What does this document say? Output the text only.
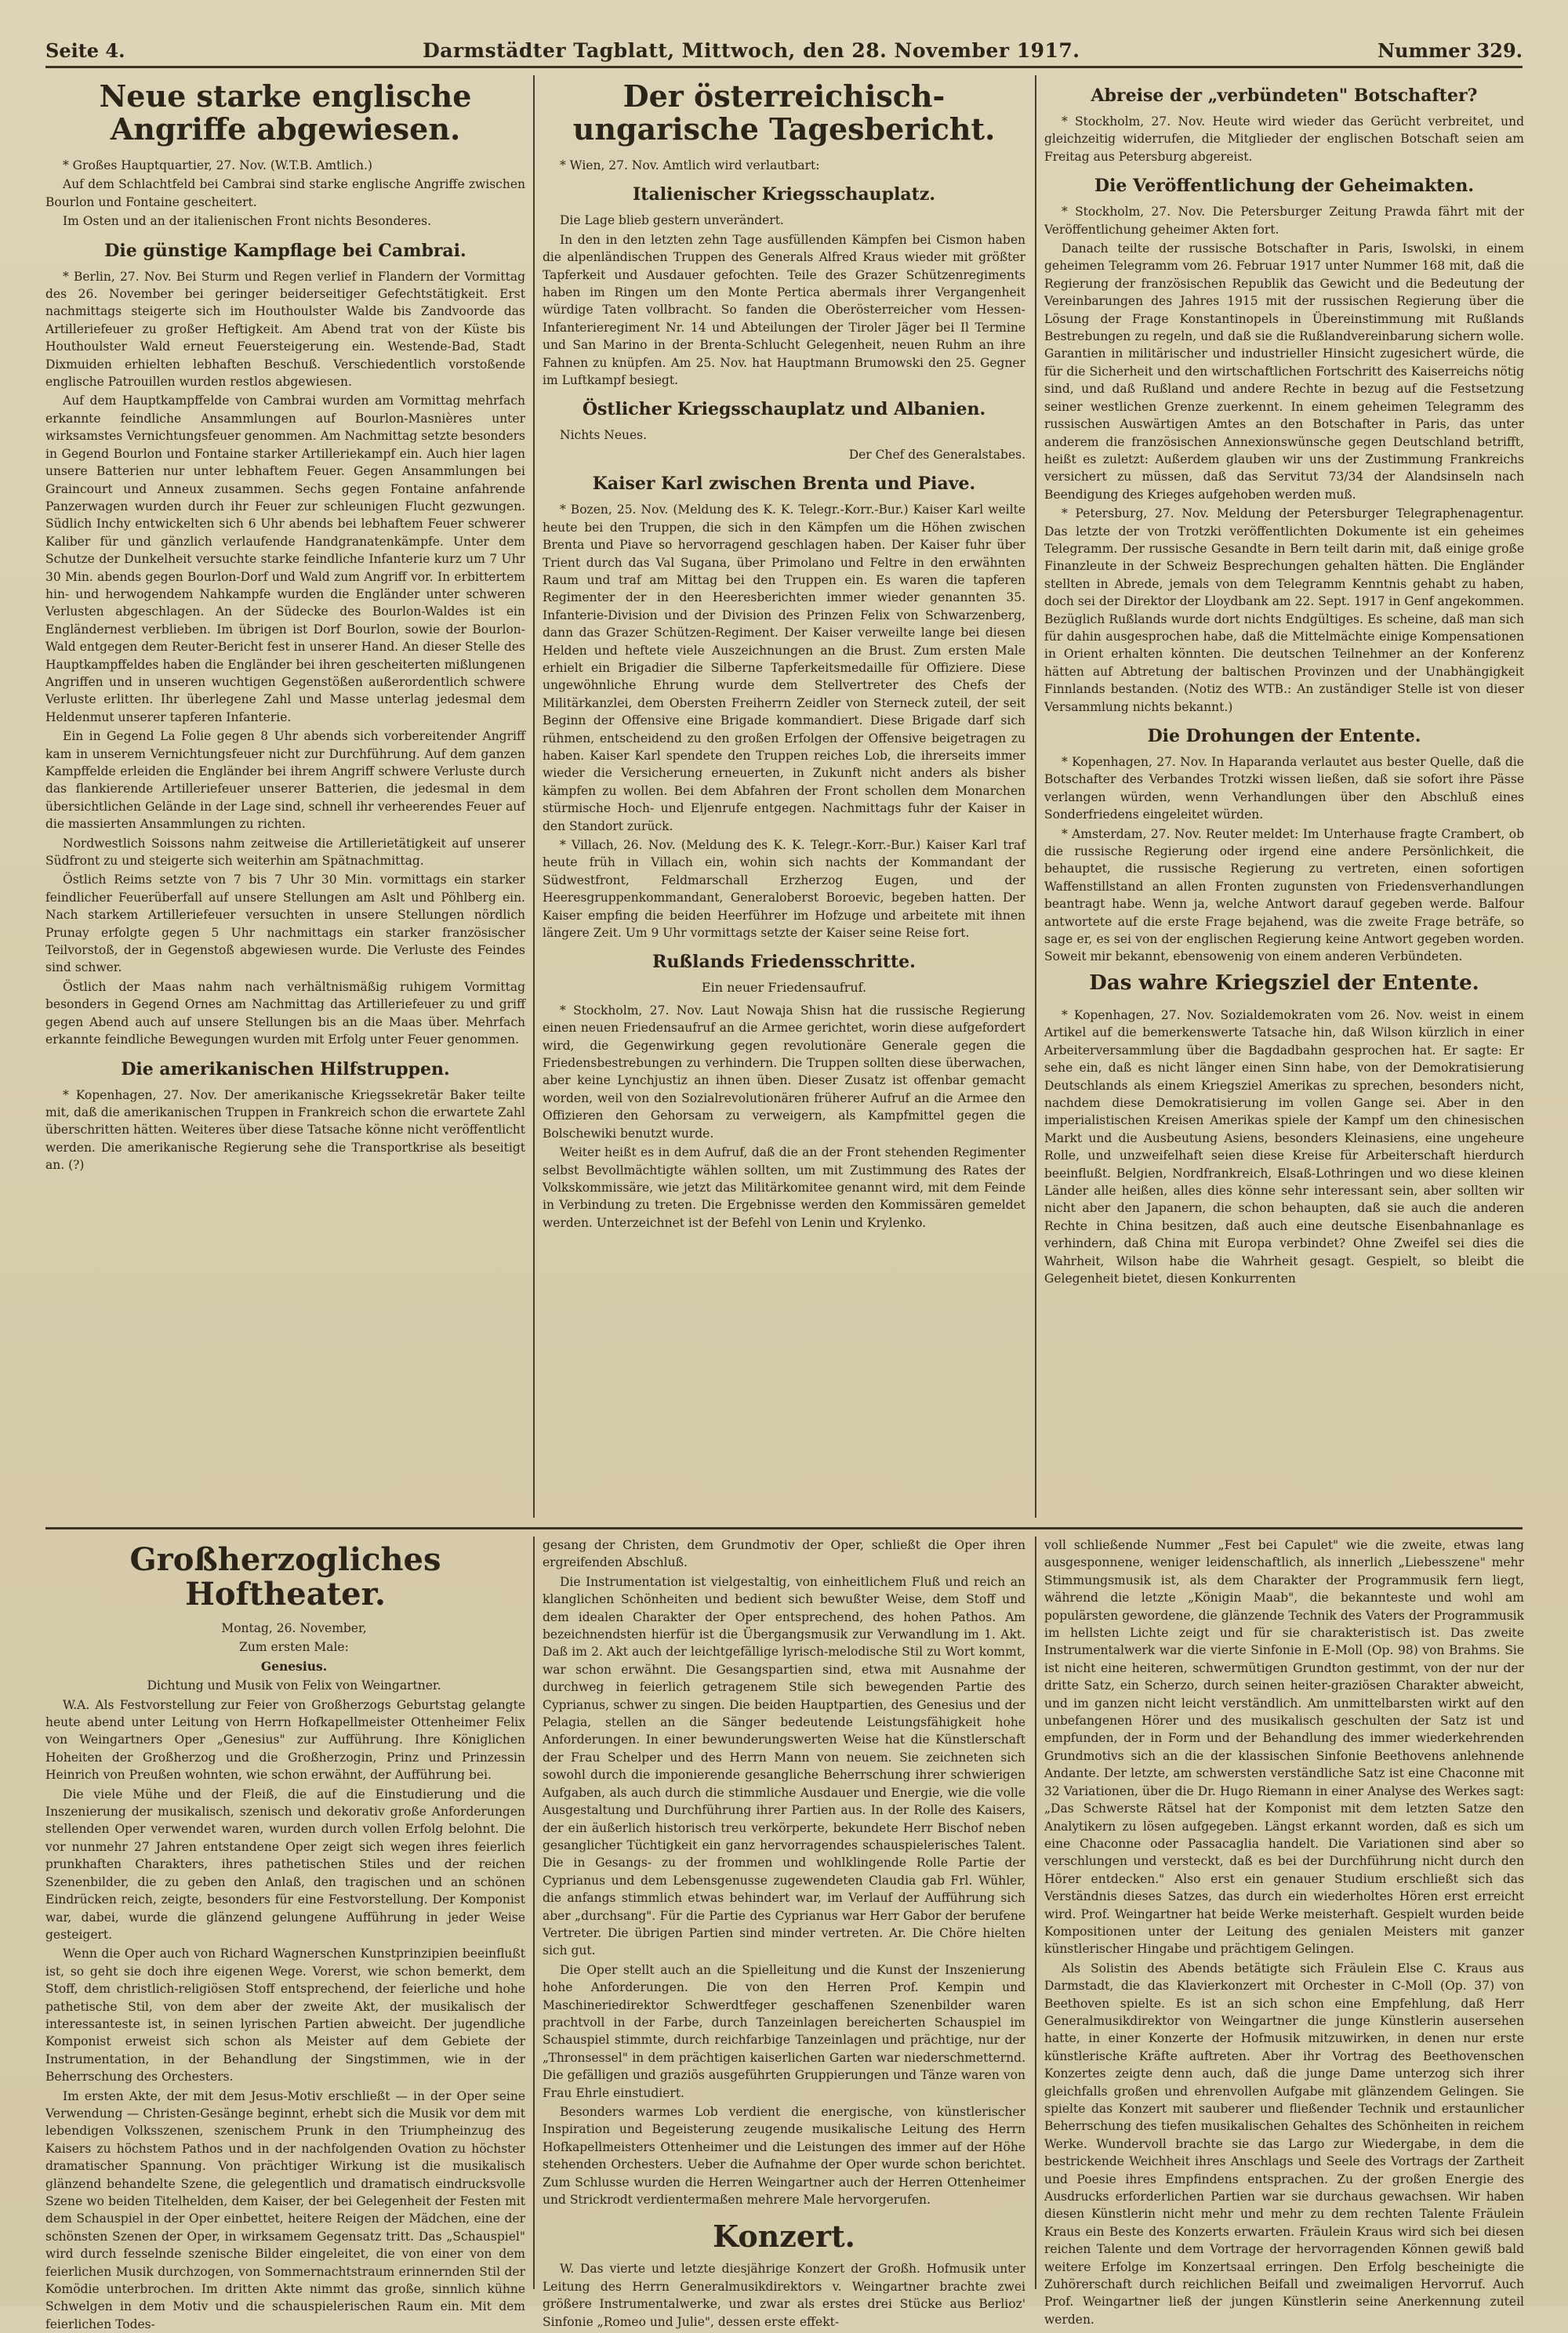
Seite 4.	Darmstädter Tagblatt, Mittwoch, den 28. November 1917.	Nummer 329.
Neue starke englische Angriffe abgewiesen.

* Großes Hauptquartier, 27. Nov. (W.T.B. Amtlich.)

Auf dem Schlachtfeld bei Cambrai sind starke englische Angriffe zwischen Bourlon und Fontaine gescheitert.

Im Osten und an der italienischen Front nichts Besonderes.

Die günstige Kampflage bei Cambrai.

* Berlin, 27. Nov. Bei Sturm und Regen verlief in Flandern der Vormittag des 26. November bei geringer beiderseitiger Gefechtstätigkeit. Erst nachmittags steigerte sich im Houthoulster Walde bis Zandvoorde das Artilleriefeuer zu großer Heftigkeit. Am Abend trat von der Küste bis Houthoulster Wald erneut Feuersteigerung ein. Westende-Bad, Stadt Dixmuiden erhielten lebhaften Beschuß. Verschiedentlich vorstoßende englische Patrouillen wurden restlos abgewiesen.

Auf dem Hauptkampffelde von Cambrai wurden am Vormittag mehrfach erkannte feindliche Ansammlungen auf Bourlon-Masnières unter wirksamstes Vernichtungsfeuer genommen. Am Nachmittag setzte besonders in Gegend Bourlon und Fontaine starker Artilleriekampf ein. Auch hier lagen unsere Batterien nur unter lebhaftem Feuer. Gegen Ansammlungen bei Graincourt und Anneux zusammen. Sechs gegen Fontaine anfahrende Panzerwagen wurden durch ihr Feuer zur schleunigen Flucht gezwungen. Südlich Inchy entwickelten sich 6 Uhr abends bei lebhaftem Feuer schwerer Kaliber für und gänzlich verlaufende Handgranatenkämpfe. Unter dem Schutze der Dunkelheit versuchte starke feindliche Infanterie kurz um 7 Uhr 30 Min. abends gegen Bourlon-Dorf und Wald zum Angriff vor. In erbittertem hin- und herwogendem Nahkampfe wurden die Engländer unter schweren Verlusten abgeschlagen. An der Südecke des Bourlon-Waldes ist ein Engländernest verblieben. Im übrigen ist Dorf Bourlon, sowie der Bourlon-Wald entgegen dem Reuter-Bericht fest in unserer Hand. An dieser Stelle des Hauptkampffeldes haben die Engländer bei ihren gescheiterten mißlungenen Angriffen und in unseren wuchtigen Gegenstößen außerordentlich schwere Verluste erlitten. Ihr überlegene Zahl und Masse unterlag jedesmal dem Heldenmut unserer tapferen Infanterie.

Ein in Gegend La Folie gegen 8 Uhr abends sich vorbereitender Angriff kam in unserem Vernichtungsfeuer nicht zur Durchführung. Auf dem ganzen Kampffelde erleiden die Engländer bei ihrem Angriff schwere Verluste durch das flankierende Artilleriefeuer unserer Batterien, die jedesmal in dem übersichtlichen Gelände in der Lage sind, schnell ihr verheerendes Feuer auf die massierten Ansammlungen zu richten.

Nordwestlich Soissons nahm zeitweise die Artillerietätigkeit auf unserer Südfront zu und steigerte sich weiterhin am Spätnachmittag.

Östlich Reims setzte von 7 bis 7 Uhr 30 Min. vormittags ein starker feindlicher Feuerüberfall auf unsere Stellungen am Aslt und Pöhlberg ein. Nach starkem Artilleriefeuer versuchten in unsere Stellungen nördlich Prunay erfolgte gegen 5 Uhr nachmittags ein starker französischer Teilvorstoß, der in Gegenstoß abgewiesen wurde. Die Verluste des Feindes sind schwer.

Östlich der Maas nahm nach verhältnismäßig ruhigem Vormittag besonders in Gegend Ornes am Nachmittag das Artilleriefeuer zu und griff gegen Abend auch auf unsere Stellungen bis an die Maas über. Mehrfach erkannte feindliche Bewegungen wurden mit Erfolg unter Feuer genommen.

Die amerikanischen Hilfstruppen.

* Kopenhagen, 27. Nov. Der amerikanische Kriegssekretär Baker teilte mit, daß die amerikanischen Truppen in Frankreich schon die erwartete Zahl überschritten hätten. Weiteres über diese Tatsache könne nicht veröffentlicht werden. Die amerikanische Regierung sehe die Transportkrise als beseitigt an. (?)

Der österreichisch-ungarische Tagesbericht.

* Wien, 27. Nov. Amtlich wird verlautbart:

Italienischer Kriegsschauplatz.

Die Lage blieb gestern unverändert.

In den in den letzten zehn Tage ausfüllenden Kämpfen bei Cismon haben die alpenländischen Truppen des Generals Alfred Kraus wieder mit größter Tapferkeit und Ausdauer gefochten. Teile des Grazer Schützenregiments haben im Ringen um den Monte Pertica abermals ihrer Vergangenheit würdige Taten vollbracht. So fanden die Oberösterreicher vom Hessen-Infanterieregiment Nr. 14 und Abteilungen der Tiroler Jäger bei Il Termine und San Marino in der Brenta-Schlucht Gelegenheit, neuen Ruhm an ihre Fahnen zu knüpfen. Am 25. Nov. hat Hauptmann Brumowski den 25. Gegner im Luftkampf besiegt.

Östlicher Kriegsschauplatz und Albanien.

Nichts Neues.

Der Chef des Generalstabes.

Kaiser Karl zwischen Brenta und Piave.

* Bozen, 25. Nov. (Meldung des K. K. Telegr.-Korr.-Bur.) Kaiser Karl weilte heute bei den Truppen, die sich in den Kämpfen um die Höhen zwischen Brenta und Piave so hervorragend geschlagen haben. Der Kaiser fuhr über Trient durch das Val Sugana, über Primolano und Feltre in den erwähnten Raum und traf am Mittag bei den Truppen ein. Es waren die tapferen Regimenter der in den Heeresberichten immer wieder genannten 35. Infanterie-Division und der Division des Prinzen Felix von Schwarzenberg, dann das Grazer Schützen-Regiment. Der Kaiser verweilte lange bei diesen Helden und heftete viele Auszeichnungen an die Brust. Zum ersten Male erhielt ein Brigadier die Silberne Tapferkeitsmedaille für Offiziere. Diese ungewöhnliche Ehrung wurde dem Stellvertreter des Chefs der Militärkanzlei, dem Obersten Freiherrn Zeidler von Sterneck zuteil, der seit Beginn der Offensive eine Brigade kommandiert. Diese Brigade darf sich rühmen, entscheidend zu den großen Erfolgen der Offensive beigetragen zu haben. Kaiser Karl spendete den Truppen reiches Lob, die ihrerseits immer wieder die Versicherung erneuerten, in Zukunft nicht anders als bisher kämpfen zu wollen. Bei dem Abfahren der Front schollen dem Monarchen stürmische Hoch- und Eljenrufe entgegen. Nachmittags fuhr der Kaiser in den Standort zurück.

* Villach, 26. Nov. (Meldung des K. K. Telegr.-Korr.-Bur.) Kaiser Karl traf heute früh in Villach ein, wohin sich nachts der Kommandant der Südwestfront, Feldmarschall Erzherzog Eugen, und der Heeresgruppenkommandant, Generaloberst Boroevic, begeben hatten. Der Kaiser empfing die beiden Heerführer im Hofzuge und arbeitete mit ihnen längere Zeit. Um 9 Uhr vormittags setzte der Kaiser seine Reise fort.

Rußlands Friedensschritte.
Ein neuer Friedensaufruf.

* Stockholm, 27. Nov. Laut Nowaja Shisn hat die russische Regierung einen neuen Friedensaufruf an die Armee gerichtet, worin diese aufgefordert wird, die Gegenwirkung gegen revolutionäre Generale gegen die Friedensbestrebungen zu verhindern. Die Truppen sollten diese überwachen, aber keine Lynchjustiz an ihnen üben. Dieser Zusatz ist offenbar gemacht worden, weil von den Sozialrevolutionären früherer Aufruf an die Armee den Offizieren den Gehorsam zu verweigern, als Kampfmittel gegen die Bolschewiki benutzt wurde.

Weiter heißt es in dem Aufruf, daß die an der Front stehenden Regimenter selbst Bevollmächtigte wählen sollten, um mit Zustimmung des Rates der Volkskommissäre, wie jetzt das Militärkomitee genannt wird, mit dem Feinde in Verbindung zu treten. Die Ergebnisse werden den Kommissären gemeldet werden. Unterzeichnet ist der Befehl von Lenin und Krylenko.

Abreise der „verbündeten" Botschafter?

* Stockholm, 27. Nov. Heute wird wieder das Gerücht verbreitet, und gleichzeitig widerrufen, die Mitglieder der englischen Botschaft seien am Freitag aus Petersburg abgereist.

Die Veröffentlichung der Geheimakten.

* Stockholm, 27. Nov. Die Petersburger Zeitung Prawda fährt mit der Veröffentlichung geheimer Akten fort.

Danach teilte der russische Botschafter in Paris, Iswolski, in einem geheimen Telegramm vom 26. Februar 1917 unter Nummer 168 mit, daß die Regierung der französischen Republik das Gewicht und die Bedeutung der Vereinbarungen des Jahres 1915 mit der russischen Regierung über die Lösung der Frage Konstantinopels in Übereinstimmung mit Rußlands Bestrebungen zu regeln, und daß sie die Rußlandvereinbarung sichern wolle. Garantien in militärischer und industrieller Hinsicht zugesichert würde, die für die Sicherheit und den wirtschaftlichen Fortschritt des Kaiserreichs nötig sind, und daß Rußland und andere Rechte in bezug auf die Festsetzung seiner westlichen Grenze zuerkennt. In einem geheimen Telegramm des russischen Auswärtigen Amtes an den Botschafter in Paris, das unter anderem die französischen Annexionswünsche gegen Deutschland betrifft, heißt es zuletzt: Außerdem glauben wir uns der Zustimmung Frankreichs versichert zu müssen, daß das Servitut 73/34 der Alandsinseln nach Beendigung des Krieges aufgehoben werden muß.

* Petersburg, 27. Nov. Meldung der Petersburger Telegraphenagentur. Das letzte der von Trotzki veröffentlichten Dokumente ist ein geheimes Telegramm. Der russische Gesandte in Bern teilt darin mit, daß einige große Finanzleute in der Schweiz Besprechungen gehalten hätten. Die Engländer stellten in Abrede, jemals von dem Telegramm Kenntnis gehabt zu haben, doch sei der Direktor der Lloydbank am 22. Sept. 1917 in Genf angekommen. Bezüglich Rußlands wurde dort nichts Endgültiges. Es scheine, daß man sich für dahin ausgesprochen habe, daß die Mittelmächte einige Kompensationen in Orient erhalten könnten. Die deutschen Teilnehmer an der Konferenz hätten auf Abtretung der baltischen Provinzen und der Unabhängigkeit Finnlands bestanden. (Notiz des WTB.: An zuständiger Stelle ist von dieser Versammlung nichts bekannt.)

Die Drohungen der Entente.

* Kopenhagen, 27. Nov. In Haparanda verlautet aus bester Quelle, daß die Botschafter des Verbandes Trotzki wissen ließen, daß sie sofort ihre Pässe verlangen würden, wenn Verhandlungen über den Abschluß eines Sonderfriedens eingeleitet würden.

* Amsterdam, 27. Nov. Reuter meldet: Im Unterhause fragte Crambert, ob die russische Regierung oder irgend eine andere Persönlichkeit, die behauptet, die russische Regierung zu vertreten, einen sofortigen Waffenstillstand an allen Fronten zugunsten von Friedensverhandlungen beantragt habe. Wenn ja, welche Antwort darauf gegeben werde. Balfour antwortete auf die erste Frage bejahend, was die zweite Frage beträfe, so sage er, es sei von der englischen Regierung keine Antwort gegeben worden. Soweit mir bekannt, ebensowenig von einem anderen Verbündeten.

Das wahre Kriegsziel der Entente.

* Kopenhagen, 27. Nov. Sozialdemokraten vom 26. Nov. weist in einem Artikel auf die bemerkenswerte Tatsache hin, daß Wilson kürzlich in einer Arbeiterversammlung über die Bagdadbahn gesprochen hat. Er sagte: Er sehe ein, daß es nicht länger einen Sinn habe, von der Demokratisierung Deutschlands als einem Kriegsziel Amerikas zu sprechen, besonders nicht, nachdem diese Demokratisierung im vollen Gange sei. Aber in den imperialistischen Kreisen Amerikas spiele der Kampf um den chinesischen Markt und die Ausbeutung Asiens, besonders Kleinasiens, eine ungeheure Rolle, und unzweifelhaft seien diese Kreise für Arbeiterschaft hierdurch beeinflußt. Belgien, Nordfrankreich, Elsaß-Lothringen und wo diese kleinen Länder alle heißen, alles dies könne sehr interessant sein, aber sollten wir nicht aber den Japanern, die schon behaupten, daß sie auch die anderen Rechte in China besitzen, daß auch eine deutsche Eisenbahnanlage es verhindern, daß China mit Europa verbindet? Ohne Zweifel sei dies die Wahrheit, Wilson habe die Wahrheit gesagt. Gespielt, so bleibt die Gelegenheit bietet, diesen Konkurrenten

Großherzogliches Hoftheater.

Montag, 26. November,

Zum ersten Male:

Genesius.

Dichtung und Musik von Felix von Weingartner.

W.A. Als Festvorstellung zur Feier von Großherzogs Geburtstag gelangte heute abend unter Leitung von Herrn Hofkapellmeister Ottenheimer Felix von Weingartners Oper „Genesius" zur Aufführung. Ihre Königlichen Hoheiten der Großherzog und die Großherzogin, Prinz und Prinzessin Heinrich von Preußen wohnten, wie schon erwähnt, der Aufführung bei.

Die viele Mühe und der Fleiß, die auf die Einstudierung und die Inszenierung der musikalisch, szenisch und dekorativ große Anforderungen stellenden Oper verwendet waren, wurden durch vollen Erfolg belohnt. Die vor nunmehr 27 Jahren entstandene Oper zeigt sich wegen ihres feierlich prunkhaften Charakters, ihres pathetischen Stiles und der reichen Szenenbilder, die zu geben den Anlaß, den tragischen und an schönen Eindrücken reich, zeigte, besonders für eine Festvorstellung. Der Komponist war, dabei, wurde die glänzend gelungene Aufführung in jeder Weise gesteigert.

Wenn die Oper auch von Richard Wagnerschen Kunstprinzipien beeinflußt ist, so geht sie doch ihre eigenen Wege. Vorerst, wie schon bemerkt, dem Stoff, dem christlich-religiösen Stoff entsprechend, der feierliche und hohe pathetische Stil, von dem aber der zweite Akt, der musikalisch der interessanteste ist, in seinen lyrischen Partien abweicht. Der jugendliche Komponist erweist sich schon als Meister auf dem Gebiete der Instrumentation, in der Behandlung der Singstimmen, wie in der Beherrschung des Orchesters.

Im ersten Akte, der mit dem Jesus-Motiv erschließt — in der Oper seine Verwendung — Christen-Gesänge beginnt, erhebt sich die Musik vor dem mit lebendigen Volksszenen, szenischem Prunk in den Triumpheinzug des Kaisers zu höchstem Pathos und in der nachfolgenden Ovation zu höchster dramatischer Spannung. Von prächtiger Wirkung ist die musikalisch glänzend behandelte Szene, die gelegentlich und dramatisch eindrucksvolle Szene wo beiden Titelhelden, dem Kaiser, der bei Gelegenheit der Festen mit dem Schauspiel in der Oper einbettet, heitere Reigen der Mädchen, eine der schönsten Szenen der Oper, in wirksamem Gegensatz tritt. Das „Schauspiel" wird durch fesselnde szenische Bilder eingeleitet, die von einer von dem feierlichen Musik durchzogen, von Sommernachtstraum erinnernden Stil der Komödie unterbrochen. Im dritten Akte nimmt das große, sinnlich kühne Schwelgen in dem Motiv und die schauspielerischen Raum ein. Mit dem feierlichen Todes-

gesang der Christen, dem Grundmotiv der Oper, schließt die Oper ihren ergreifenden Abschluß.

Die Instrumentation ist vielgestaltig, von einheitlichem Fluß und reich an klanglichen Schönheiten und bedient sich bewußter Weise, dem Stoff und dem idealen Charakter der Oper entsprechend, des hohen Pathos. Am bezeichnendsten hierfür ist die Übergangsmusik zur Verwandlung im 1. Akt. Daß im 2. Akt auch der leichtgefällige lyrisch-melodische Stil zu Wort kommt, war schon erwähnt. Die Gesangspartien sind, etwa mit Ausnahme der durchweg in feierlich getragenem Stile sich bewegenden Partie des Cyprianus, schwer zu singen. Die beiden Hauptpartien, des Genesius und der Pelagia, stellen an die Sänger bedeutende Leistungsfähigkeit hohe Anforderungen. In einer bewunderungswerten Weise hat die Künstlerschaft der Frau Schelper und des Herrn Mann von neuem. Sie zeichneten sich sowohl durch die imponierende gesangliche Beherrschung ihrer schwierigen Aufgaben, als auch durch die stimmliche Ausdauer und Energie, wie die volle Ausgestaltung und Durchführung ihrer Partien aus. In der Rolle des Kaisers, der ein äußerlich historisch treu verkörperte, bekundete Herr Bischof neben gesanglicher Tüchtigkeit ein ganz hervorragendes schauspielerisches Talent. Die in Gesangs- zu der frommen und wohlklingende Rolle Partie der Cyprianus und dem Lebensgenusse zugewendeten Claudia gab Frl. Wühler, die anfangs stimmlich etwas behindert war, im Verlauf der Aufführung sich aber „durchsang". Für die Partie des Cyprianus war Herr Gabor der berufene Vertreter. Die übrigen Partien sind minder vertreten. Ar. Die Chöre hielten sich gut.

Die Oper stellt auch an die Spielleitung und die Kunst der Inszenierung hohe Anforderungen. Die von den Herren Prof. Kempin und Maschineriedirektor Schwerdtfeger geschaffenen Szenenbilder waren prachtvoll in der Farbe, durch Tanzeinlagen bereicherten Schauspiel im Schauspiel stimmte, durch reichfarbige Tanzeinlagen und prächtige, nur der „Thronsessel" in dem prächtigen kaiserlichen Garten war niederschmetternd. Die gefälligen und graziös ausgeführten Gruppierungen und Tänze waren von Frau Ehrle einstudiert.

Besonders warmes Lob verdient die energische, von künstlerischer Inspiration und Begeisterung zeugende musikalische Leitung des Herrn Hofkapellmeisters Ottenheimer und die Leistungen des immer auf der Höhe stehenden Orchesters. Ueber die Aufnahme der Oper wurde schon berichtet. Zum Schlusse wurden die Herren Weingartner auch der Herren Ottenheimer und Strickrodt verdientermaßen mehrere Male hervorgerufen.

Konzert.

W. Das vierte und letzte diesjährige Konzert der Großh. Hofmusik unter Leitung des Herrn Generalmusikdirektors v. Weingartner brachte zwei größere Instrumentalwerke, und zwar als erstes drei Stücke aus Berlioz' Sinfonie „Romeo und Julie", dessen erste effekt-

voll schließende Nummer „Fest bei Capulet" wie die zweite, etwas lang ausgesponnene, weniger leidenschaftlich, als innerlich „Liebesszene" mehr Stimmungsmusik ist, als dem Charakter der Programmusik fern liegt, während die letzte „Königin Maab", die bekannteste und wohl am populärsten gewordene, die glänzende Technik des Vaters der Programmusik im hellsten Lichte zeigt und für sie charakteristisch ist. Das zweite Instrumentalwerk war die vierte Sinfonie in E-Moll (Op. 98) von Brahms. Sie ist nicht eine heiteren, schwermütigen Grundton gestimmt, von der nur der dritte Satz, ein Scherzo, durch seinen heiter-graziösen Charakter abweicht, und im ganzen nicht leicht verständlich. Am unmittelbarsten wirkt auf den unbefangenen Hörer und des musikalisch geschulten der Satz ist und empfunden, der in Form und der Behandlung des immer wiederkehrenden Grundmotivs sich an die der klassischen Sinfonie Beethovens anlehnende Andante. Der letzte, am schwersten verständliche Satz ist eine Chaconne mit 32 Variationen, über die Dr. Hugo Riemann in einer Analyse des Werkes sagt: „Das Schwerste Rätsel hat der Komponist mit dem letzten Satze den Analytikern zu lösen aufgegeben. Längst erkannt worden, daß es sich um eine Chaconne oder Passacaglia handelt. Die Variationen sind aber so verschlungen und versteckt, daß es bei der Durchführung nicht durch den Hörer entdecken." Also erst ein genauer Studium erschließt sich das Verständnis dieses Satzes, das durch ein wiederholtes Hören erst erreicht wird. Prof. Weingartner hat beide Werke meisterhaft. Gespielt wurden beide Kompositionen unter der Leitung des genialen Meisters mit ganzer künstlerischer Hingabe und prächtigem Gelingen.

Als Solistin des Abends betätigte sich Fräulein Else C. Kraus aus Darmstadt, die das Klavierkonzert mit Orchester in C-Moll (Op. 37) von Beethoven spielte. Es ist an sich schon eine Empfehlung, daß Herr Generalmusikdirektor von Weingartner die junge Künstlerin ausersehen hatte, in einer Konzerte der Hofmusik mitzuwirken, in denen nur erste künstlerische Kräfte auftreten. Aber ihr Vortrag des Beethovenschen Konzertes zeigte denn auch, daß die junge Dame unterzog sich ihrer gleichfalls großen und ehrenvollen Aufgabe mit glänzendem Gelingen. Sie spielte das Konzert mit sauberer und fließender Technik und erstaunlicher Beherrschung des tiefen musikalischen Gehaltes des Schönheiten in reichem Werke. Wundervoll brachte sie das Largo zur Wiedergabe, in dem die bestrickende Weichheit ihres Anschlags und Seele des Vortrags der Zartheit und Poesie ihres Empfindens entsprachen. Zu der großen Energie des Ausdrucks erforderlichen Partien war sie durchaus gewachsen. Wir haben diesen Künstlerin nicht mehr und mehr zu dem rechten Talente Fräulein Kraus ein Beste des Konzerts erwarten. Fräulein Kraus wird sich bei diesen reichen Talente und dem Vortrage der hervorragenden Können gewiß bald weitere Erfolge im Konzertsaal erringen. Den Erfolg bescheinigte die Zuhörerschaft durch reichlichen Beifall und zweimaligen Hervorruf. Auch Prof. Weingartner ließ der jungen Künstlerin seine Anerkennung zuteil werden.
